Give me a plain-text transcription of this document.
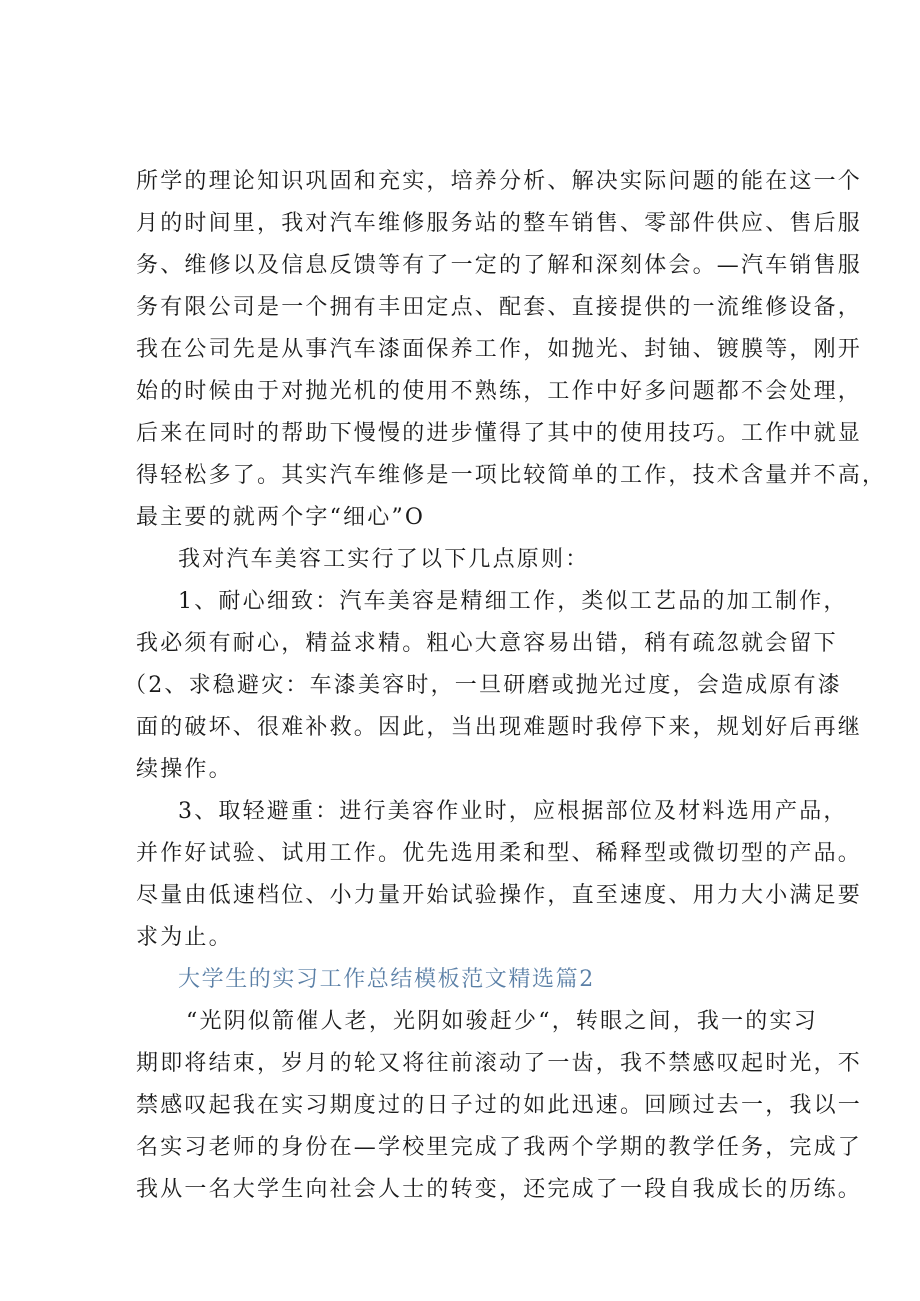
所学的理论知识巩固和充实，培养分析、解决实际问题的能在这一个
月的时间里，我对汽车维修服务站的整车销售、零部件供应、售后服
务、维修以及信息反馈等有了一定的了解和深刻体会。—汽车销售服
务有限公司是一个拥有丰田定点、配套、直接提供的一流维修设备，
我在公司先是从事汽车漆面保养工作，如抛光、封铀、镀膜等，刚开
始的时候由于对抛光机的使用不熟练，工作中好多问题都不会处理，
后来在同时的帮助下慢慢的进步懂得了其中的使用技巧。工作中就显
得轻松多了。其实汽车维修是一项比较简单的工作，技术含量并不高，
最主要的就两个字“细心”O
我对汽车美容工实行了以下几点原则：
1、耐心细致：汽车美容是精细工作，类似工艺品的加工制作，
我必须有耐心，精益求精。粗心大意容易出错，稍有疏忽就会留下
（2、求稳避灾：车漆美容时，一旦研磨或抛光过度，会造成原有漆
面的破坏、很难补救。因此，当出现难题时我停下来，规划好后再继
续操作。
3、取轻避重：进行美容作业时，应根据部位及材料选用产品，
并作好试验、试用工作。优先选用柔和型、稀释型或微切型的产品。
尽量由低速档位、小力量开始试验操作，直至速度、用力大小满足要
求为止。
大学生的实习工作总结模板范文精选篇2
“光阴似箭催人老，光阴如骏赶少“，转眼之间，我一的实习
期即将结束，岁月的轮又将往前滚动了一齿，我不禁感叹起时光，不
禁感叹起我在实习期度过的日子过的如此迅速。回顾过去一，我以一
名实习老师的身份在—学校里完成了我两个学期的教学任务，完成了
我从一名大学生向社会人士的转变，还完成了一段自我成长的历练。
